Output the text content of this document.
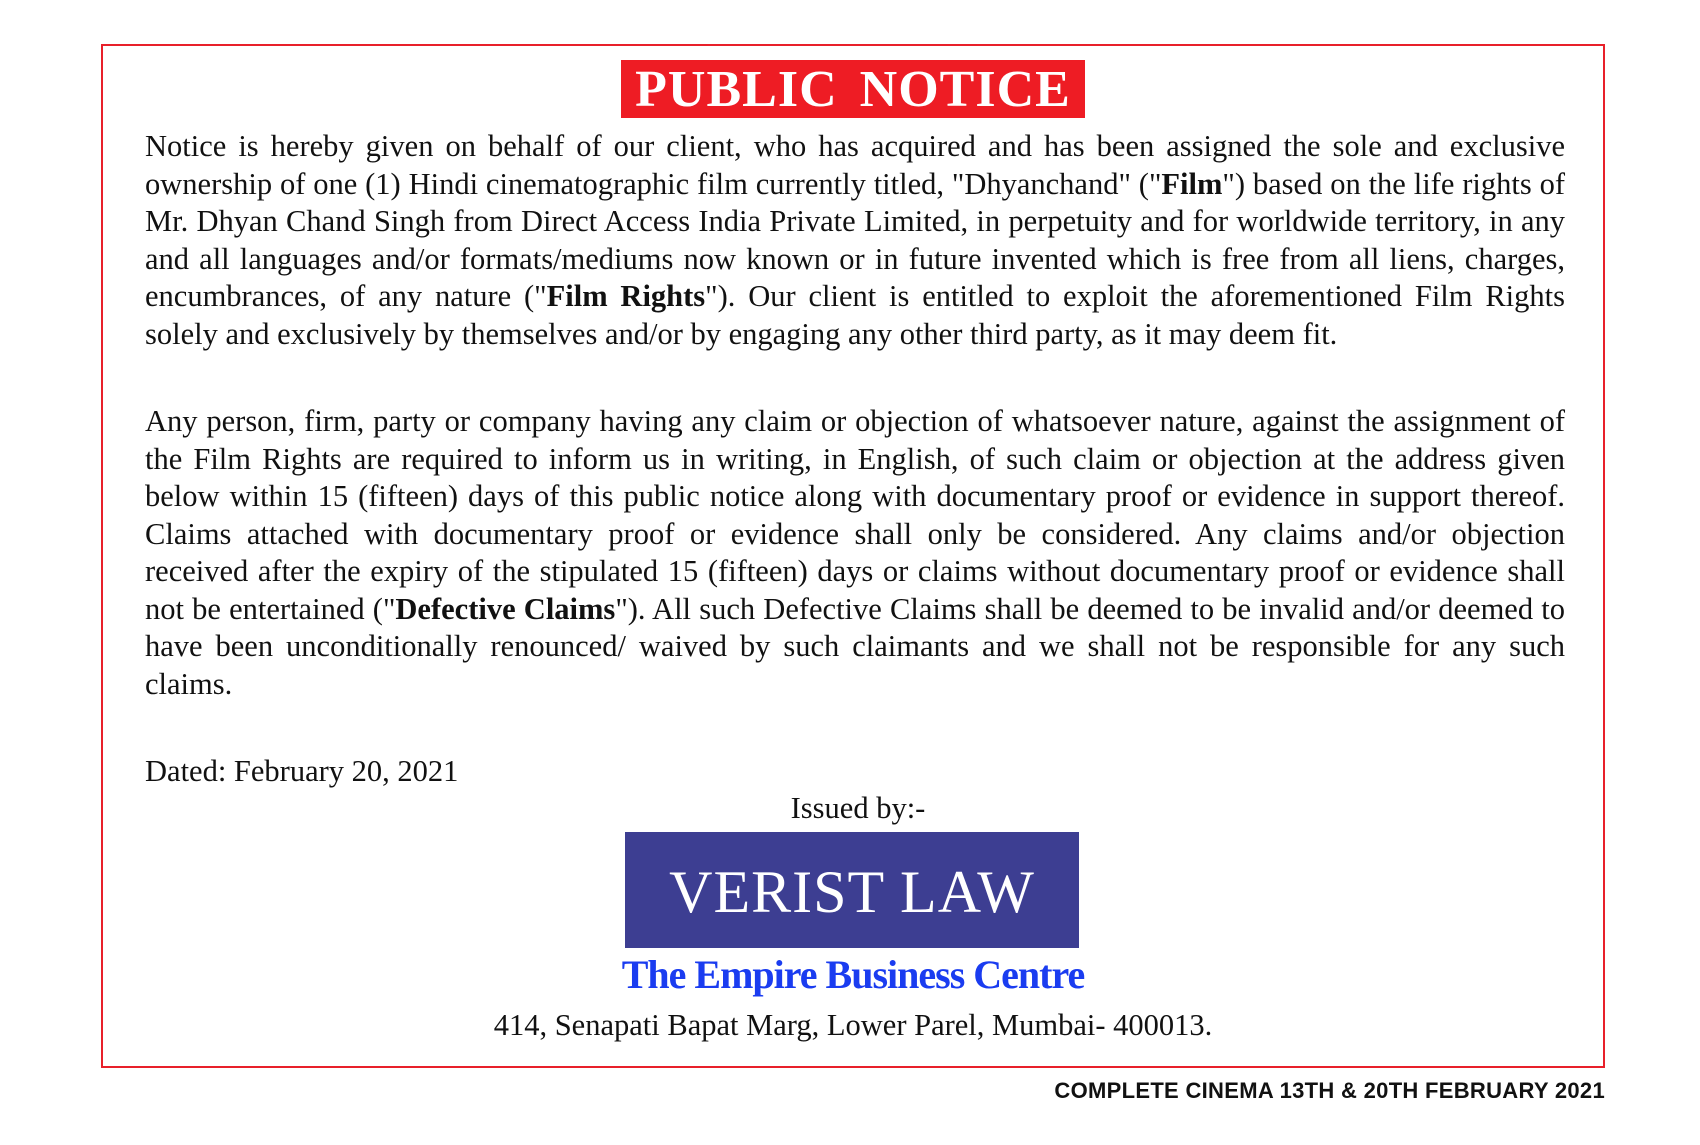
PUBLIC NOTICE

Notice is hereby given on behalf of our client, who has acquired and has been assigned the sole and exclusive ownership of one (1) Hindi cinematographic film currently titled, "Dhyanchand" ("Film") based on the life rights of Mr. Dhyan Chand Singh from Direct Access India Private Limited, in perpetuity and for worldwide territory, in any and all languages and/or formats/mediums now known or in future invented which is free from all liens, charges, encumbrances, of any nature ("Film Rights"). Our client is entitled to exploit the aforementioned Film Rights solely and exclusively by themselves and/or by engaging any other third party, as it may deem fit.

Any person, firm, party or company having any claim or objection of whatsoever nature, against the assignment of the Film Rights are required to inform us in writing, in English, of such claim or objection at the address given below within 15 (fifteen) days of this public notice along with documentary proof or evidence in support thereof. Claims attached with documentary proof or evidence shall only be considered. Any claims and/or objection received after the expiry of the stipulated 15 (fifteen) days or claims without documentary proof or evidence shall not be entertained ("Defective Claims"). All such Defective Claims shall be deemed to be invalid and/or deemed to have been unconditionally renounced/ waived by such claimants and we shall not be responsible for any such claims.

Dated: February 20, 2021

Issued by:-
VERIST LAW
The Empire Business Centre
414, Senapati Bapat Marg, Lower Parel, Mumbai- 400013.
COMPLETE CINEMA 13TH & 20TH FEBRUARY 2021
